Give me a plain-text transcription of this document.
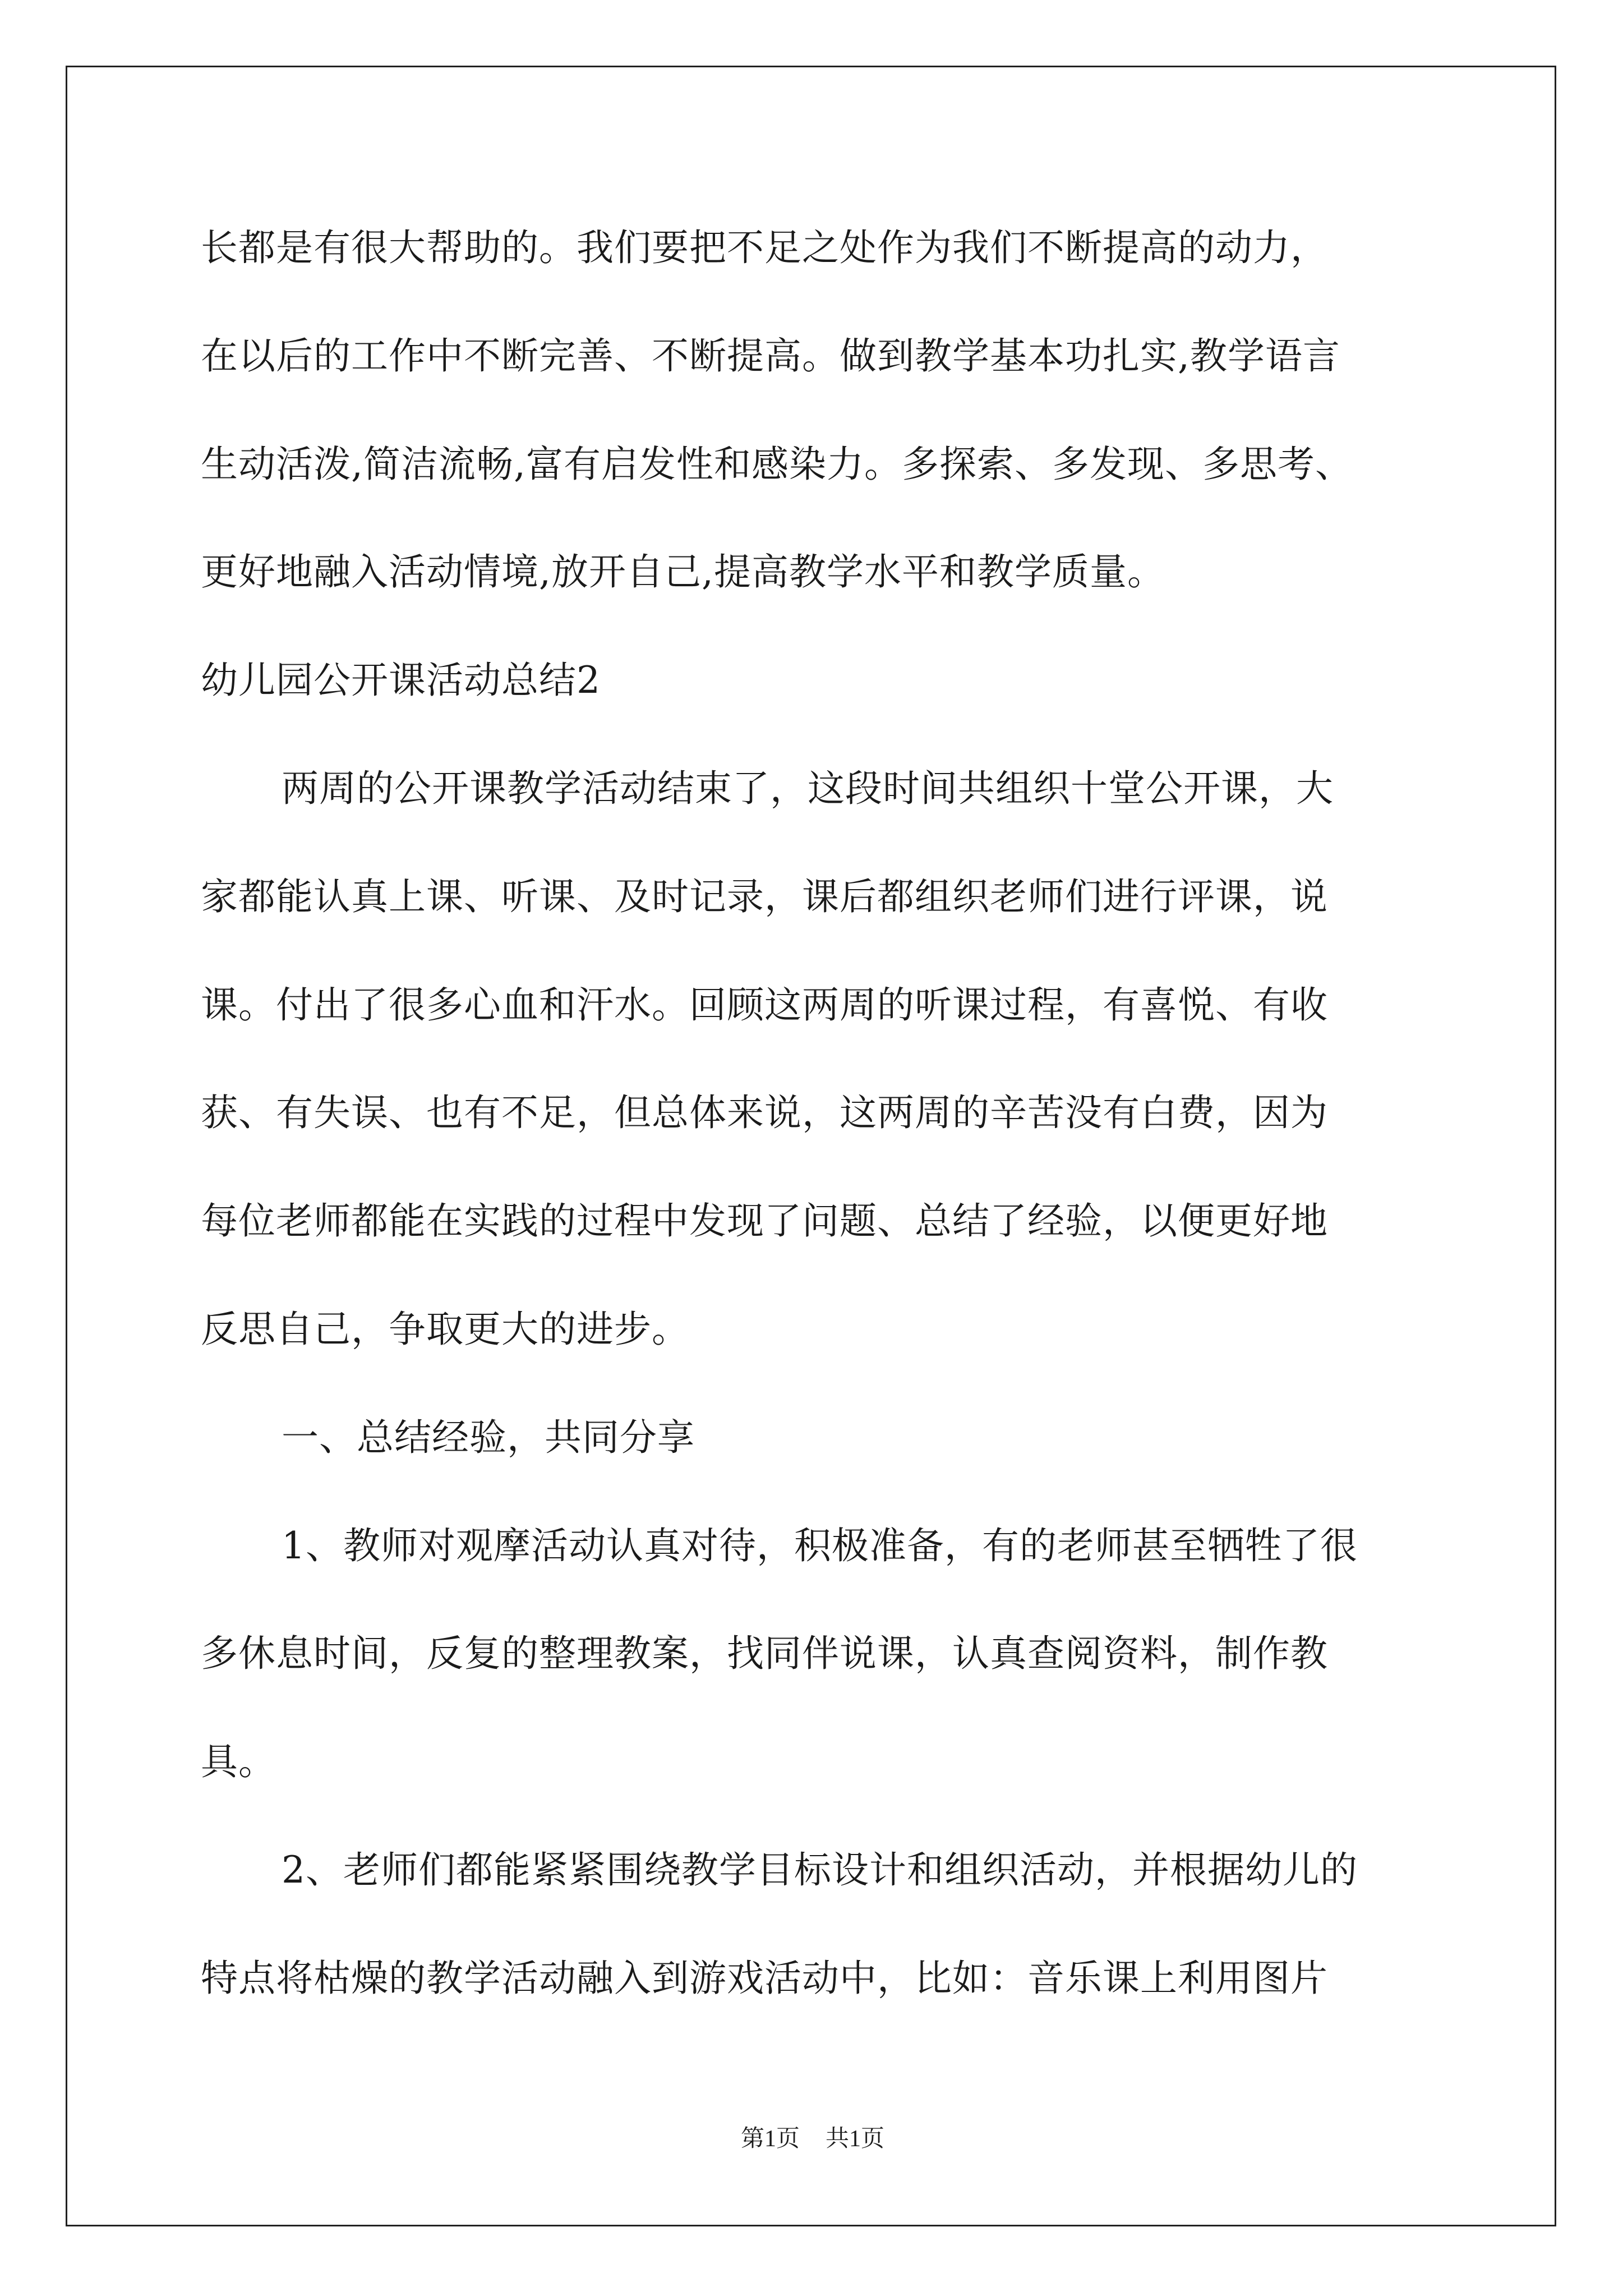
长都是有很大帮助的。我们要把不足之处作为我们不断提高的动力，
在以后的工作中不断完善、不断提高。做到教学基本功扎实,教学语言
生动活泼,简洁流畅,富有启发性和感染力。多探索、多发现、多思考、
更好地融入活动情境,放开自己,提高教学水平和教学质量。
幼儿园公开课活动总结2
两周的公开课教学活动结束了，这段时间共组织十堂公开课，大
家都能认真上课、听课、及时记录，课后都组织老师们进行评课，说
课。付出了很多心血和汗水。回顾这两周的听课过程，有喜悦、有收
获、有失误、也有不足，但总体来说，这两周的辛苦没有白费，因为
每位老师都能在实践的过程中发现了问题、总结了经验，以便更好地
反思自己，争取更大的进步。
一、总结经验，共同分享
1、教师对观摩活动认真对待，积极准备，有的老师甚至牺牲了很
多休息时间，反复的整理教案，找同伴说课，认真查阅资料，制作教
具。
2、老师们都能紧紧围绕教学目标设计和组织活动，并根据幼儿的
特点将枯燥的教学活动融入到游戏活动中，比如：音乐课上利用图片
第1页 共1页
